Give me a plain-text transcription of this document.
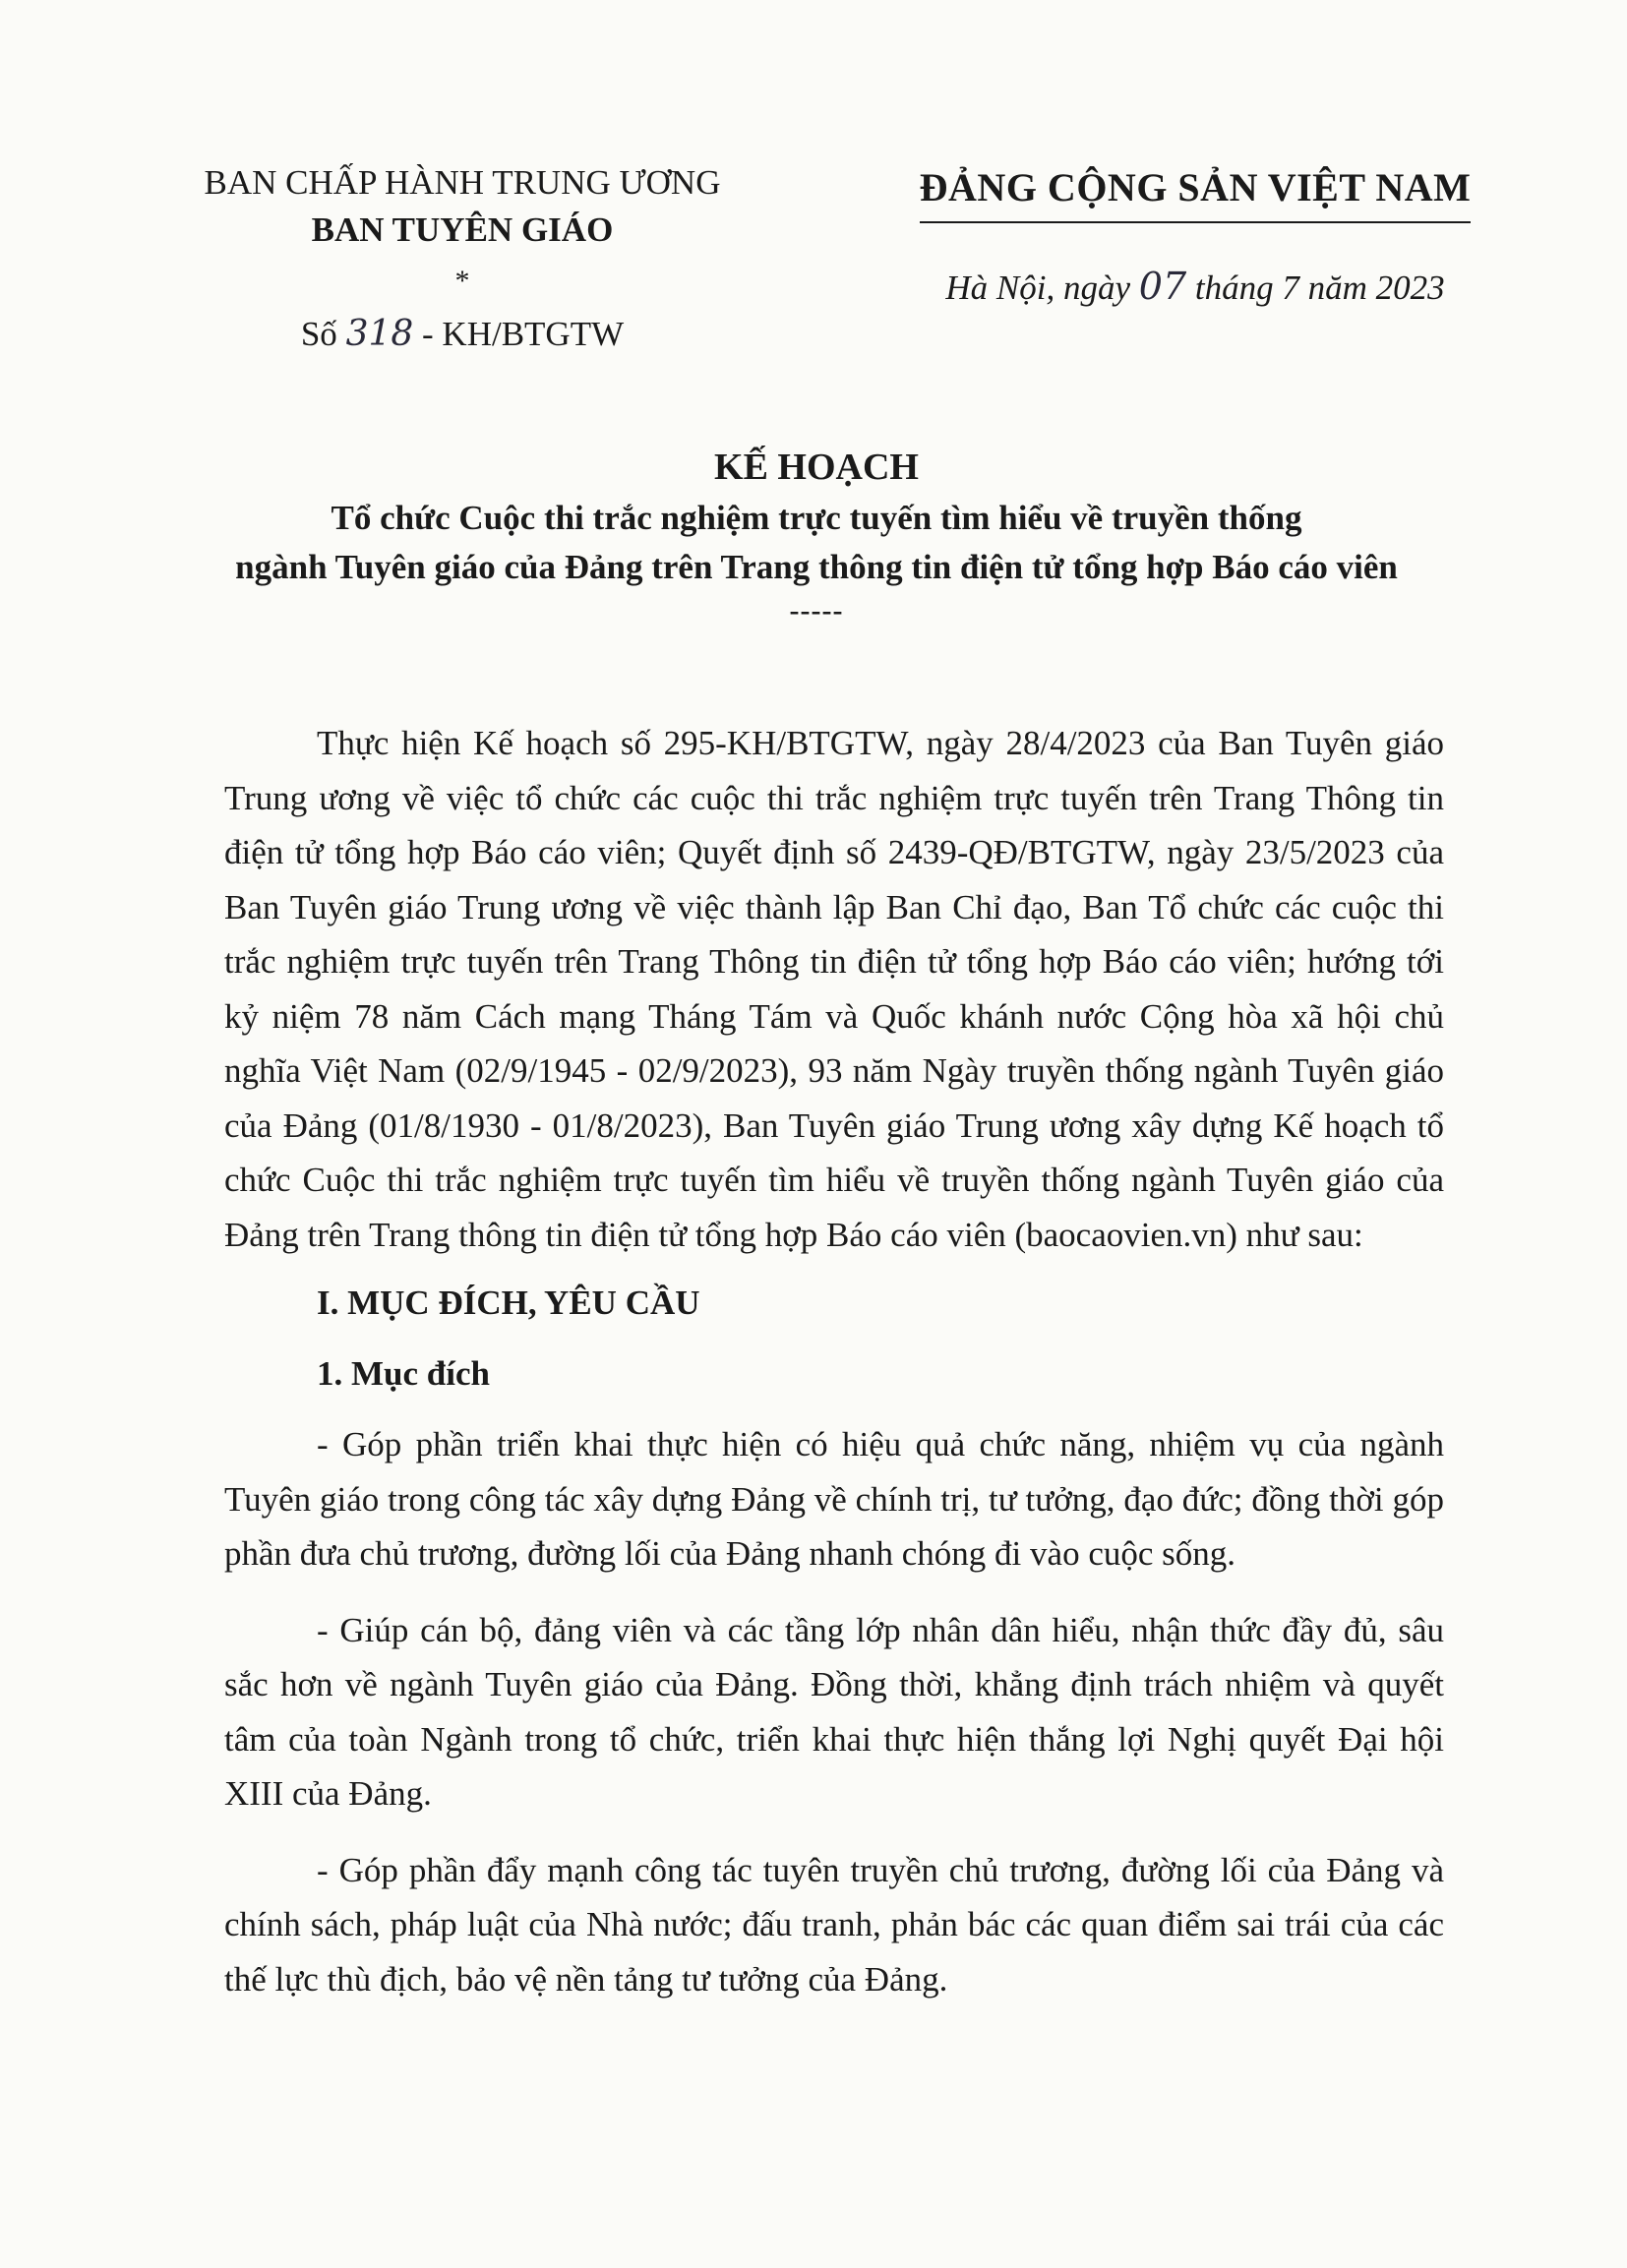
BAN CHẤP HÀNH TRUNG ƯƠNG
BAN TUYÊN GIÁO
*
Số 318 - KH/BTGTW
ĐẢNG CỘNG SẢN VIỆT NAM
Hà Nội, ngày 07 tháng 7 năm 2023
KẾ HOẠCH
Tổ chức Cuộc thi trắc nghiệm trực tuyến tìm hiểu về truyền thống
ngành Tuyên giáo của Đảng trên Trang thông tin điện tử tổng hợp Báo cáo viên
-----

Thực hiện Kế hoạch số 295-KH/BTGTW, ngày 28/4/2023 của Ban Tuyên giáo Trung ương về việc tổ chức các cuộc thi trắc nghiệm trực tuyến trên Trang Thông tin điện tử tổng hợp Báo cáo viên; Quyết định số 2439-QĐ/BTGTW, ngày 23/5/2023 của Ban Tuyên giáo Trung ương về việc thành lập Ban Chỉ đạo, Ban Tổ chức các cuộc thi trắc nghiệm trực tuyến trên Trang Thông tin điện tử tổng hợp Báo cáo viên; hướng tới kỷ niệm 78 năm Cách mạng Tháng Tám và Quốc khánh nước Cộng hòa xã hội chủ nghĩa Việt Nam (02/9/1945 - 02/9/2023), 93 năm Ngày truyền thống ngành Tuyên giáo của Đảng (01/8/1930 - 01/8/2023), Ban Tuyên giáo Trung ương xây dựng Kế hoạch tổ chức Cuộc thi trắc nghiệm trực tuyến tìm hiểu về truyền thống ngành Tuyên giáo của Đảng trên Trang thông tin điện tử tổng hợp Báo cáo viên (baocaovien.vn) như sau:

I. MỤC ĐÍCH, YÊU CẦU
1. Mục đích

- Góp phần triển khai thực hiện có hiệu quả chức năng, nhiệm vụ của ngành Tuyên giáo trong công tác xây dựng Đảng về chính trị, tư tưởng, đạo đức; đồng thời góp phần đưa chủ trương, đường lối của Đảng nhanh chóng đi vào cuộc sống.

- Giúp cán bộ, đảng viên và các tầng lớp nhân dân hiểu, nhận thức đầy đủ, sâu sắc hơn về ngành Tuyên giáo của Đảng. Đồng thời, khẳng định trách nhiệm và quyết tâm của toàn Ngành trong tổ chức, triển khai thực hiện thắng lợi Nghị quyết Đại hội XIII của Đảng.

- Góp phần đẩy mạnh công tác tuyên truyền chủ trương, đường lối của Đảng và chính sách, pháp luật của Nhà nước; đấu tranh, phản bác các quan điểm sai trái của các thế lực thù địch, bảo vệ nền tảng tư tưởng của Đảng.
